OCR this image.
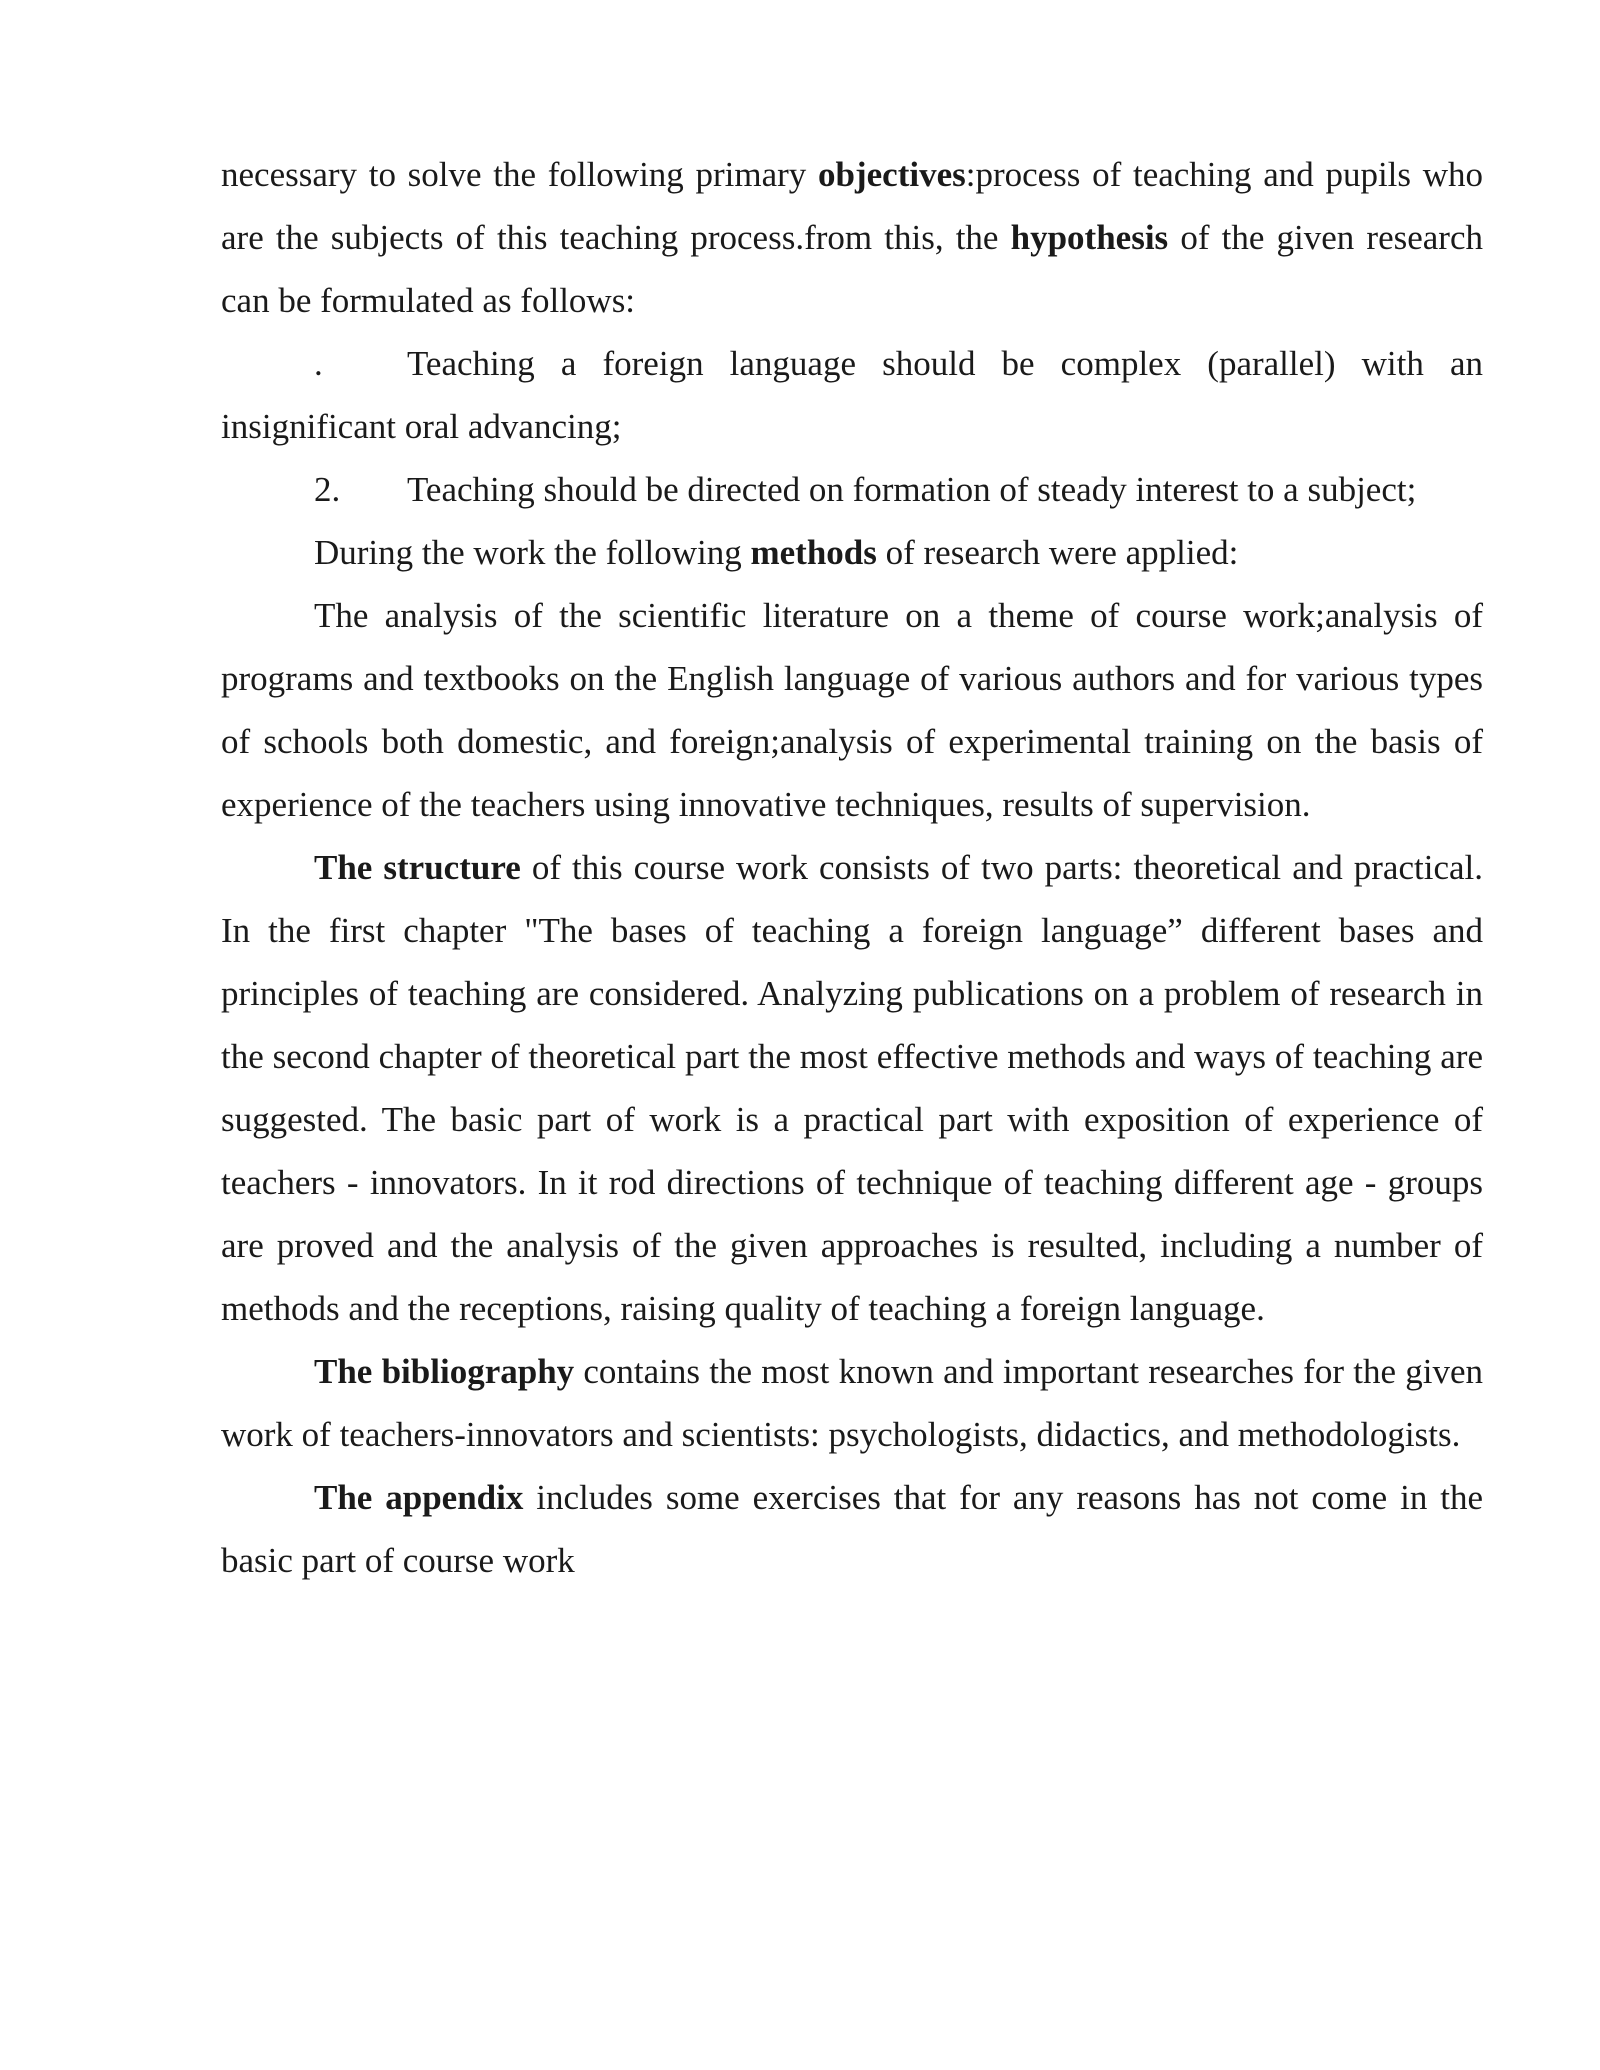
necessary to solve the following primary objectives:process of teaching and pupils who are the subjects of this teaching process.from this, the hypothesis of the given research can be formulated as follows:

. Teaching a foreign language should be complex (parallel) with an insignificant oral advancing;

2. Teaching should be directed on formation of steady interest to a subject;

During the work the following methods of research were applied:

The analysis of the scientific literature on a theme of course work;analysis of programs and textbooks on the English language of various authors and for various types of schools both domestic, and foreign;analysis of experimental training on the basis of experience of the teachers using innovative techniques, results of supervision.

The structure of this course work consists of two parts: theoretical and practical. In the first chapter "The bases of teaching a foreign language” different bases and principles of teaching are considered. Analyzing publications on a problem of research in the second chapter of theoretical part the most effective methods and ways of teaching are suggested. The basic part of work is a practical part with exposition of experience of teachers - innovators. In it rod directions of technique of teaching different age - groups are proved and the analysis of the given approaches is resulted, including a number of methods and the receptions, raising quality of teaching a foreign language.

The bibliography contains the most known and important researches for the given work of teachers-innovators and scientists: psychologists, didactics, and methodologists.

The appendix includes some exercises that for any reasons has not come in the basic part of course work
